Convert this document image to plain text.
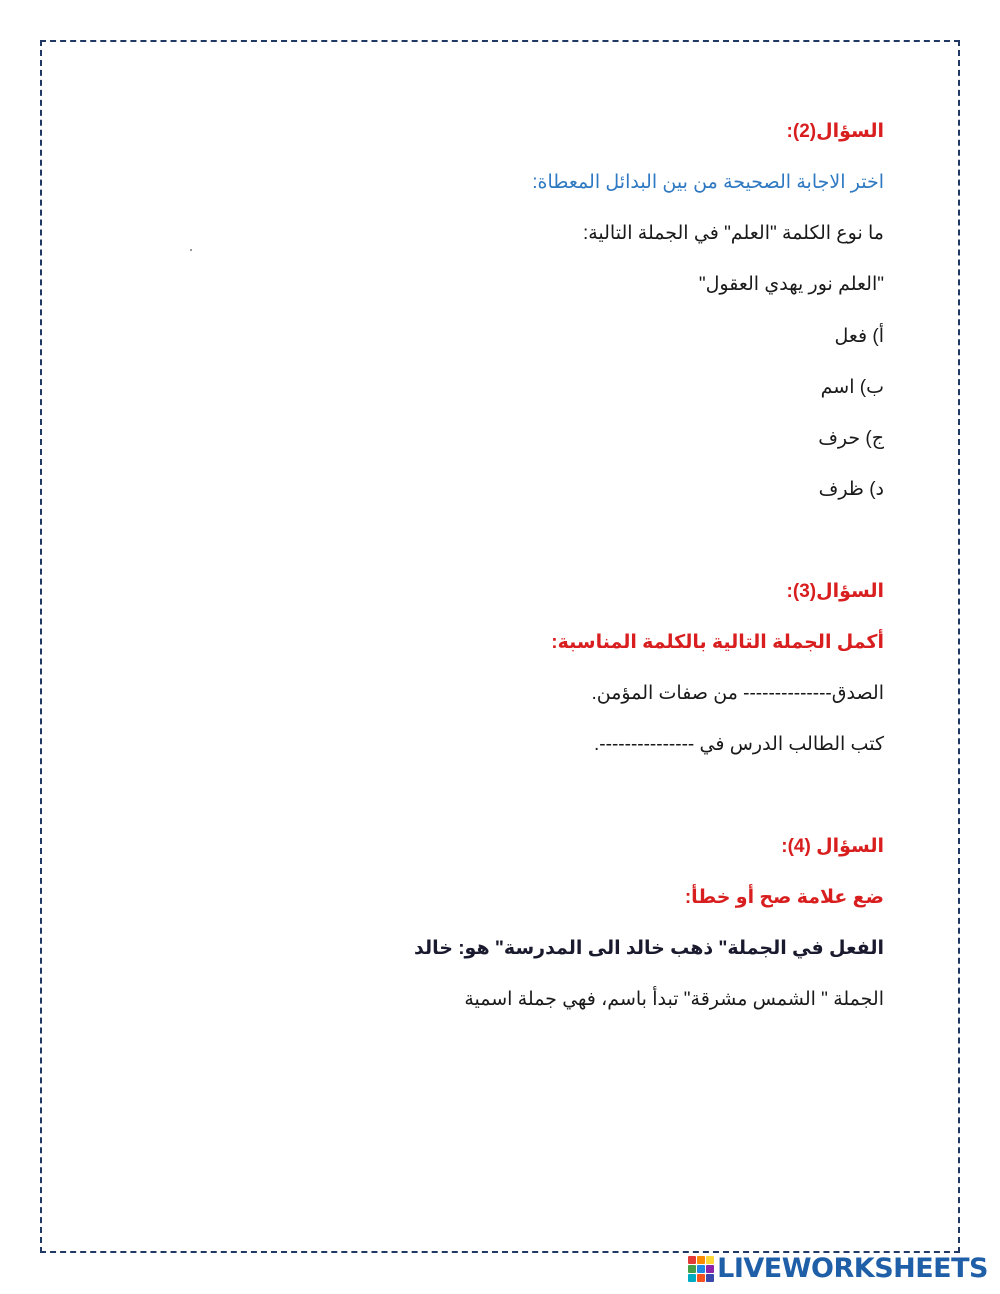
السؤال(2):
اختر الاجابة الصحيحة من بين البدائل المعطاة:
ما نوع الكلمة "العلم" في الجملة التالية:
"العلم نور يهدي العقول"
أ) فعل
ب) اسم
ج) حرف
د) ظرف
السؤال(3):
أكمل الجملة التالية بالكلمة المناسبة:
الصدق-------------- من صفات المؤمن.
كتب الطالب الدرس في ---------------.
السؤال (4):
ضع علامة صح أو خطأ:
الفعل في الجملة" ذهب خالد الى المدرسة" هو: خالد
الجملة " الشمس مشرقة" تبدأ باسم، فهي جملة اسمية
LIVEWORKSHEETS
